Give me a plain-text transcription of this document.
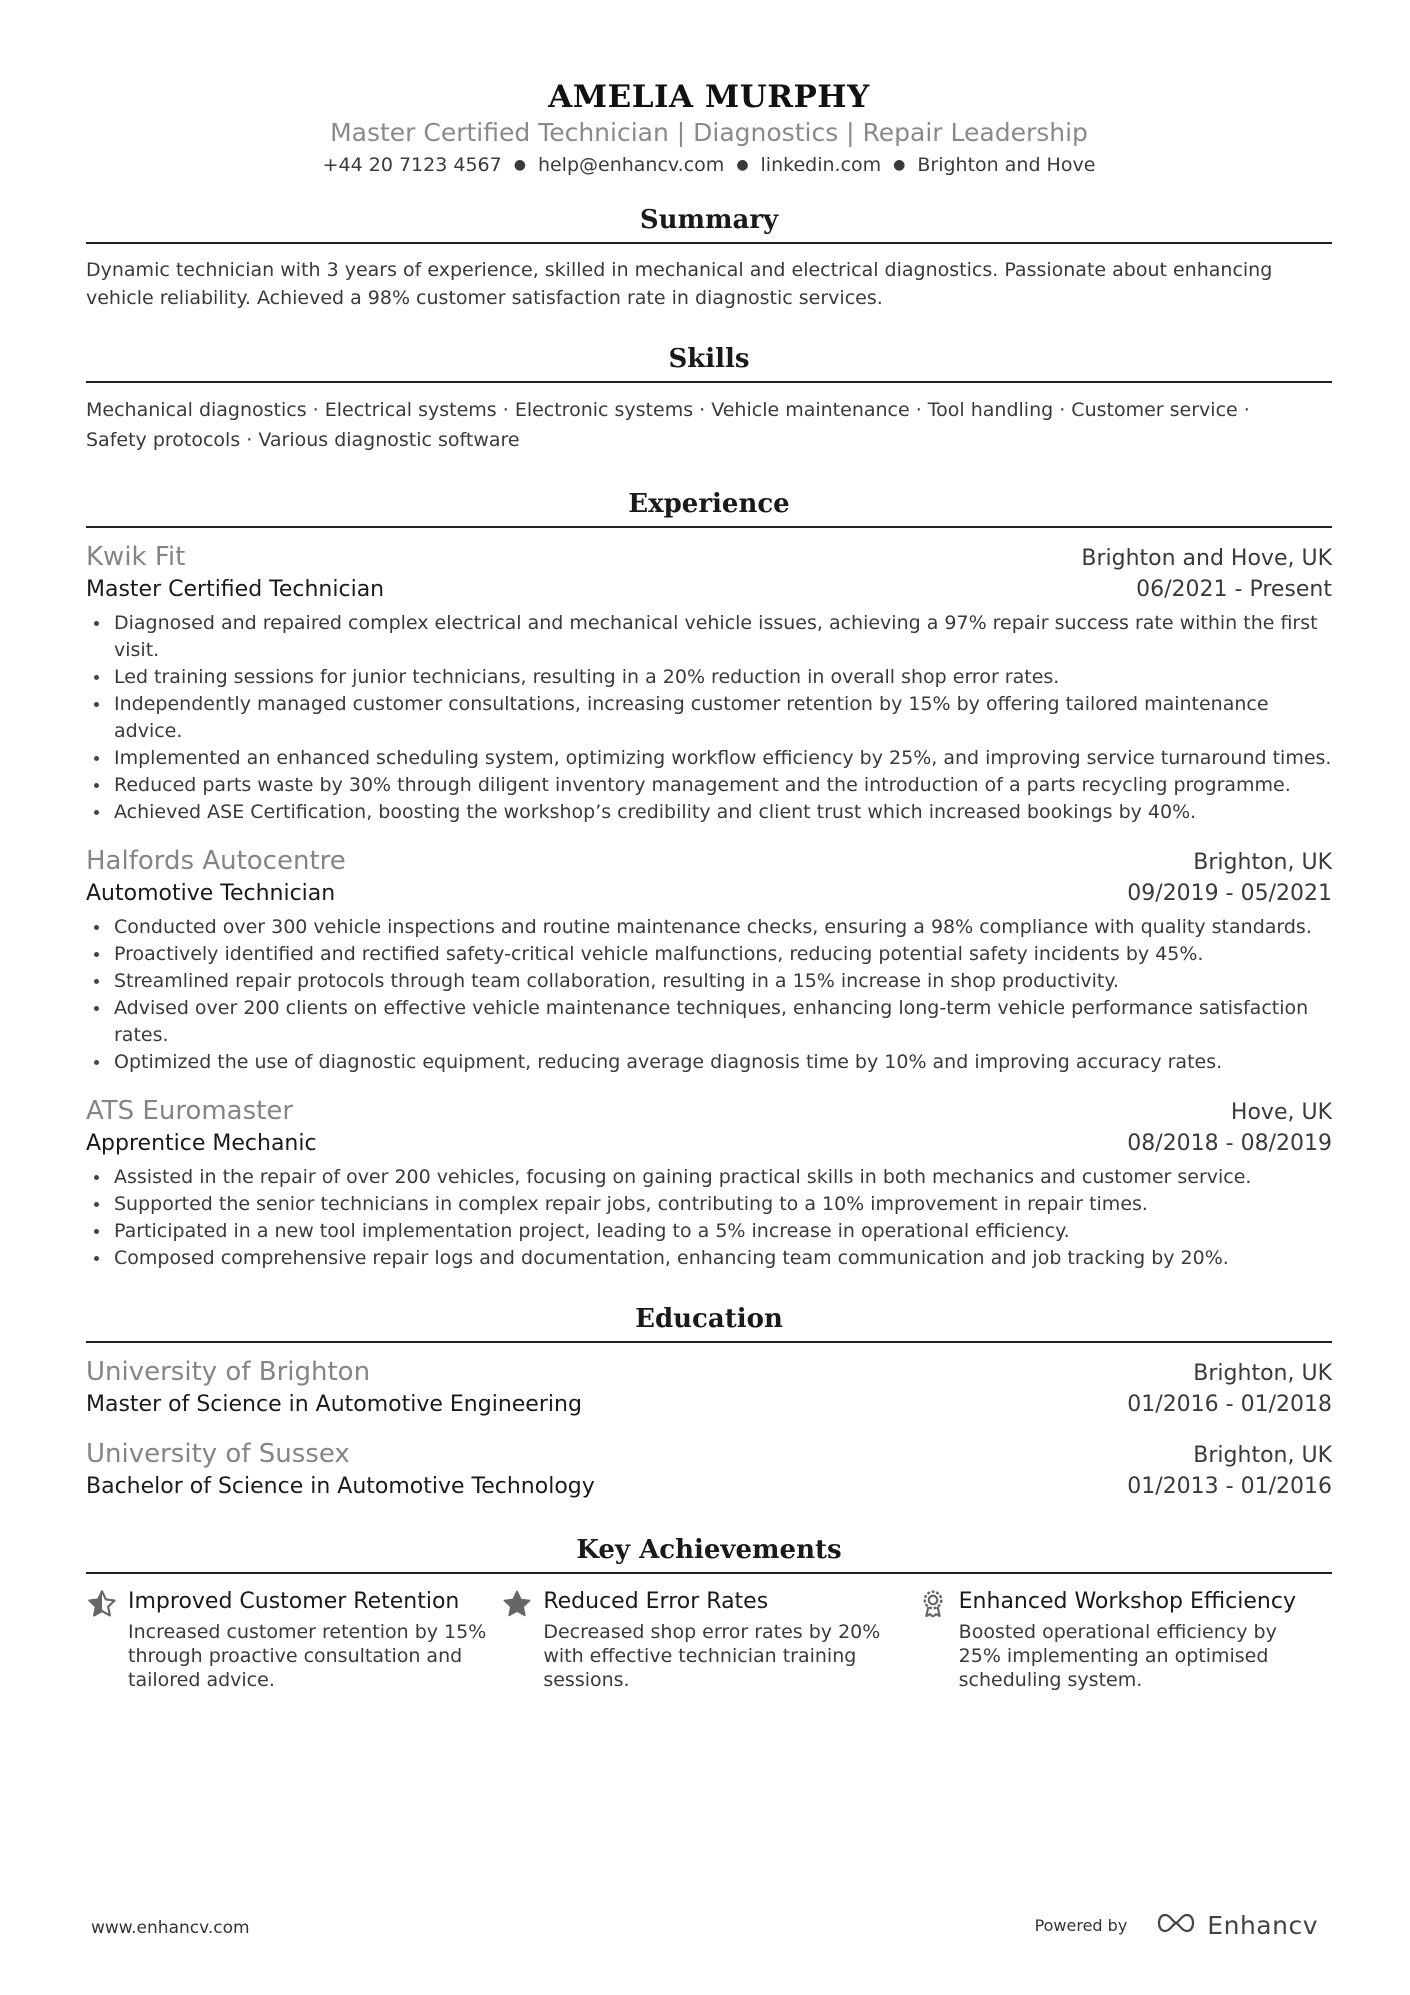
AMELIA MURPHY
Master Certified Technician | Diagnostics | Repair Leadership
+44 20 7123 4567 ● help@enhancv.com ● linkedin.com ● Brighton and Hove
Summary

Dynamic technician with 3 years of experience, skilled in mechanical and electrical diagnostics. Passionate about enhancing vehicle reliability. Achieved a 98% customer satisfaction rate in diagnostic services.

Skills
Mechanical diagnostics · Electrical systems · Electronic systems · Vehicle maintenance · Tool handling · Customer service ·
Safety protocols · Various diagnostic software
Experience
Kwik Fit	Brighton and Hove, UK
Master Certified Technician	06/2021 - Present
Diagnosed and repaired complex electrical and mechanical vehicle issues, achieving a 97% repair success rate within the first visit.
Led training sessions for junior technicians, resulting in a 20% reduction in overall shop error rates.
Independently managed customer consultations, increasing customer retention by 15% by offering tailored maintenance advice.
Implemented an enhanced scheduling system, optimizing workflow efficiency by 25%, and improving service turnaround times.
Reduced parts waste by 30% through diligent inventory management and the introduction of a parts recycling programme.
Achieved ASE Certification, boosting the workshop’s credibility and client trust which increased bookings by 40%.
Halfords Autocentre	Brighton, UK
Automotive Technician	09/2019 - 05/2021
Conducted over 300 vehicle inspections and routine maintenance checks, ensuring a 98% compliance with quality standards.
Proactively identified and rectified safety-critical vehicle malfunctions, reducing potential safety incidents by 45%.
Streamlined repair protocols through team collaboration, resulting in a 15% increase in shop productivity.
Advised over 200 clients on effective vehicle maintenance techniques, enhancing long-term vehicle performance satisfaction rates.
Optimized the use of diagnostic equipment, reducing average diagnosis time by 10% and improving accuracy rates.
ATS Euromaster	Hove, UK
Apprentice Mechanic	08/2018 - 08/2019
Assisted in the repair of over 200 vehicles, focusing on gaining practical skills in both mechanics and customer service.
Supported the senior technicians in complex repair jobs, contributing to a 10% improvement in repair times.
Participated in a new tool implementation project, leading to a 5% increase in operational efficiency.
Composed comprehensive repair logs and documentation, enhancing team communication and job tracking by 20%.
Education
University of Brighton	Brighton, UK
Master of Science in Automotive Engineering	01/2016 - 01/2018
University of Sussex	Brighton, UK
Bachelor of Science in Automotive Technology	01/2013 - 01/2016
Key Achievements
Improved Customer Retention
Increased customer retention by 15%
through proactive consultation and
tailored advice.
Reduced Error Rates
Decreased shop error rates by 20%
with effective technician training
sessions.
Enhanced Workshop Efficiency
Boosted operational efficiency by
25% implementing an optimised
scheduling system.
www.enhancv.com	Powered by	Enhancv
